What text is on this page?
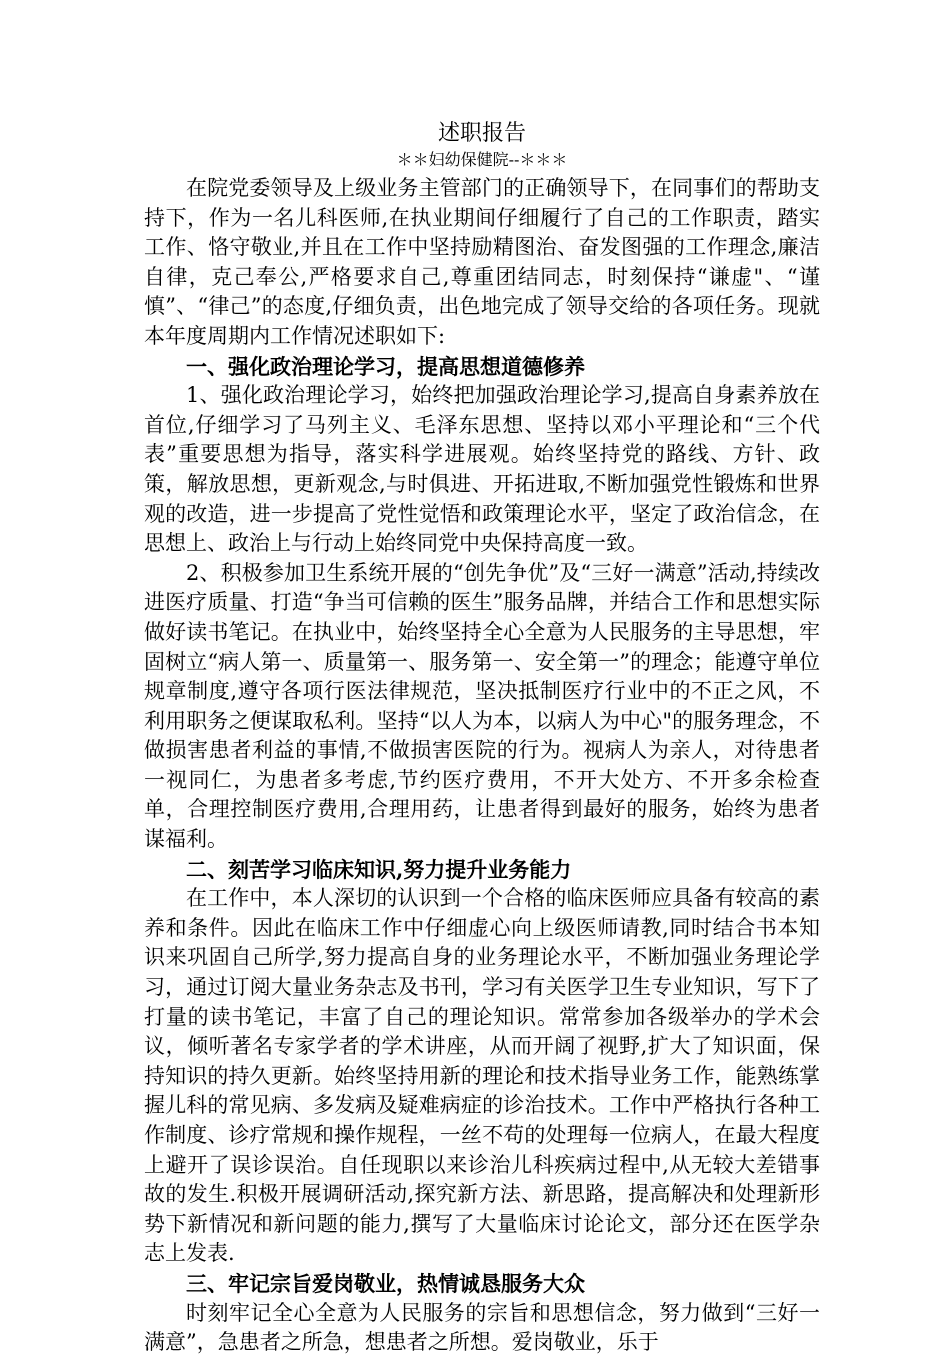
述职报告
＊＊妇幼保健院--＊＊＊

在院党委领导及上级业务主管部门的正确领导下，在同事们的帮助支持下，作为一名儿科医师,在执业期间仔细履行了自己的工作职责，踏实工作、恪守敬业,并且在工作中坚持励精图治、奋发图强的工作理念,廉洁自律，克己奉公,严格要求自己,尊重团结同志，时刻保持“谦虚"、“谨慎”、“律己”的态度,仔细负责，出色地完成了领导交给的各项任务。现就本年度周期内工作情况述职如下:

一、强化政治理论学习，提高思想道德修养

1、强化政治理论学习，始终把加强政治理论学习,提高自身素养放在首位,仔细学习了马列主义、毛泽东思想、坚持以邓小平理论和“三个代表”重要思想为指导，落实科学进展观。始终坚持党的路线、方针、政策，解放思想，更新观念,与时俱进、开拓进取,不断加强党性锻炼和世界观的改造，进一步提高了党性觉悟和政策理论水平，坚定了政治信念，在思想上、政治上与行动上始终同党中央保持高度一致。

2、积极参加卫生系统开展的“创先争优”及“三好一满意”活动,持续改进医疗质量、打造“争当可信赖的医生”服务品牌，并结合工作和思想实际做好读书笔记。在执业中，始终坚持全心全意为人民服务的主导思想，牢固树立“病人第一、质量第一、服务第一、安全第一”的理念；能遵守单位规章制度,遵守各项行医法律规范，坚决抵制医疗行业中的不正之风，不利用职务之便谋取私利。坚持“以人为本，以病人为中心"的服务理念，不做损害患者利益的事情,不做损害医院的行为。视病人为亲人，对待患者一视同仁，为患者多考虑,节约医疗费用，不开大处方、不开多余检查单，合理控制医疗费用,合理用药，让患者得到最好的服务，始终为患者谋福利。

二、刻苦学习临床知识,努力提升业务能力

在工作中，本人深切的认识到一个合格的临床医师应具备有较高的素养和条件。因此在临床工作中仔细虚心向上级医师请教,同时结合书本知识来巩固自己所学,努力提高自身的业务理论水平，不断加强业务理论学习，通过订阅大量业务杂志及书刊，学习有关医学卫生专业知识，写下了打量的读书笔记，丰富了自己的理论知识。常常参加各级举办的学术会议，倾听著名专家学者的学术讲座，从而开阔了视野,扩大了知识面，保持知识的持久更新。始终坚持用新的理论和技术指导业务工作，能熟练掌握儿科的常见病、多发病及疑难病症的诊治技术。工作中严格执行各种工作制度、诊疗常规和操作规程，一丝不苟的处理每一位病人，在最大程度上避开了误诊误治。自任现职以来诊治儿科疾病过程中,从无较大差错事故的发生.积极开展调研活动,探究新方法、新思路，提高解决和处理新形势下新情况和新问题的能力,撰写了大量临床讨论论文，部分还在医学杂志上发表.

三、牢记宗旨爱岗敬业，热情诚恳服务大众

时刻牢记全心全意为人民服务的宗旨和思想信念，努力做到“三好一满意”，急患者之所急，想患者之所想。爱岗敬业，乐于
